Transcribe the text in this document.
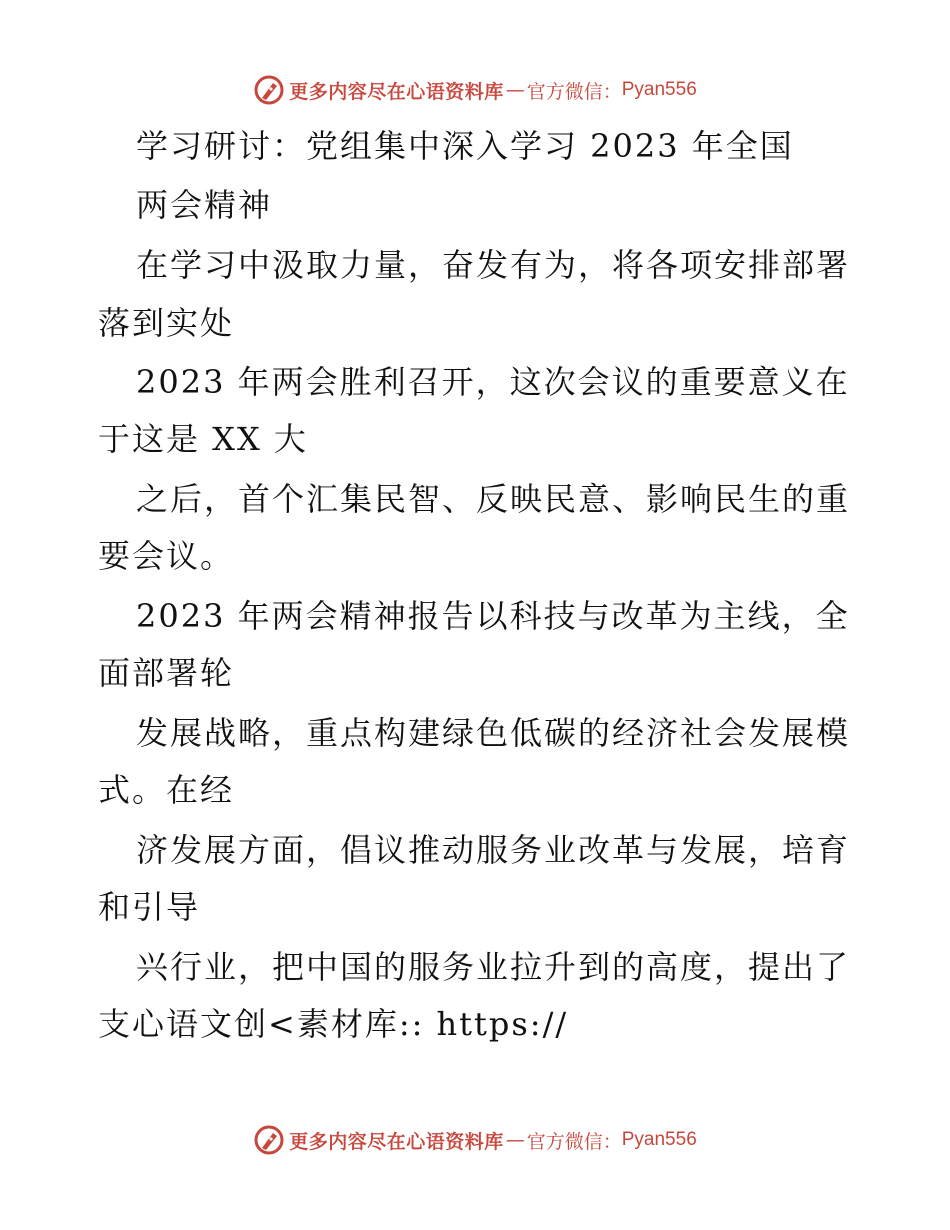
更多内容尽在心语资料库 — 官方微信： Pyan556
学习研讨：党组集中深入学习 2023 年全国
两会精神
在学习中汲取力量，奋发有为，将各项安排部署
落到实处
2023 年两会胜利召开，这次会议的重要意义在
于这是 XX 大
之后，首个汇集民智、反映民意、影响民生的重
要会议。
2023 年两会精神报告以科技与改革为主线，全
面部署轮
发展战略，重点构建绿色低碳的经济社会发展模
式。在经
济发展方面，倡议推动服务业改革与发展，培育
和引导
兴行业，把中国的服务业拉升到的高度，提出了
支心语文创<素材库:: https://
更多内容尽在心语资料库 — 官方微信： Pyan556
